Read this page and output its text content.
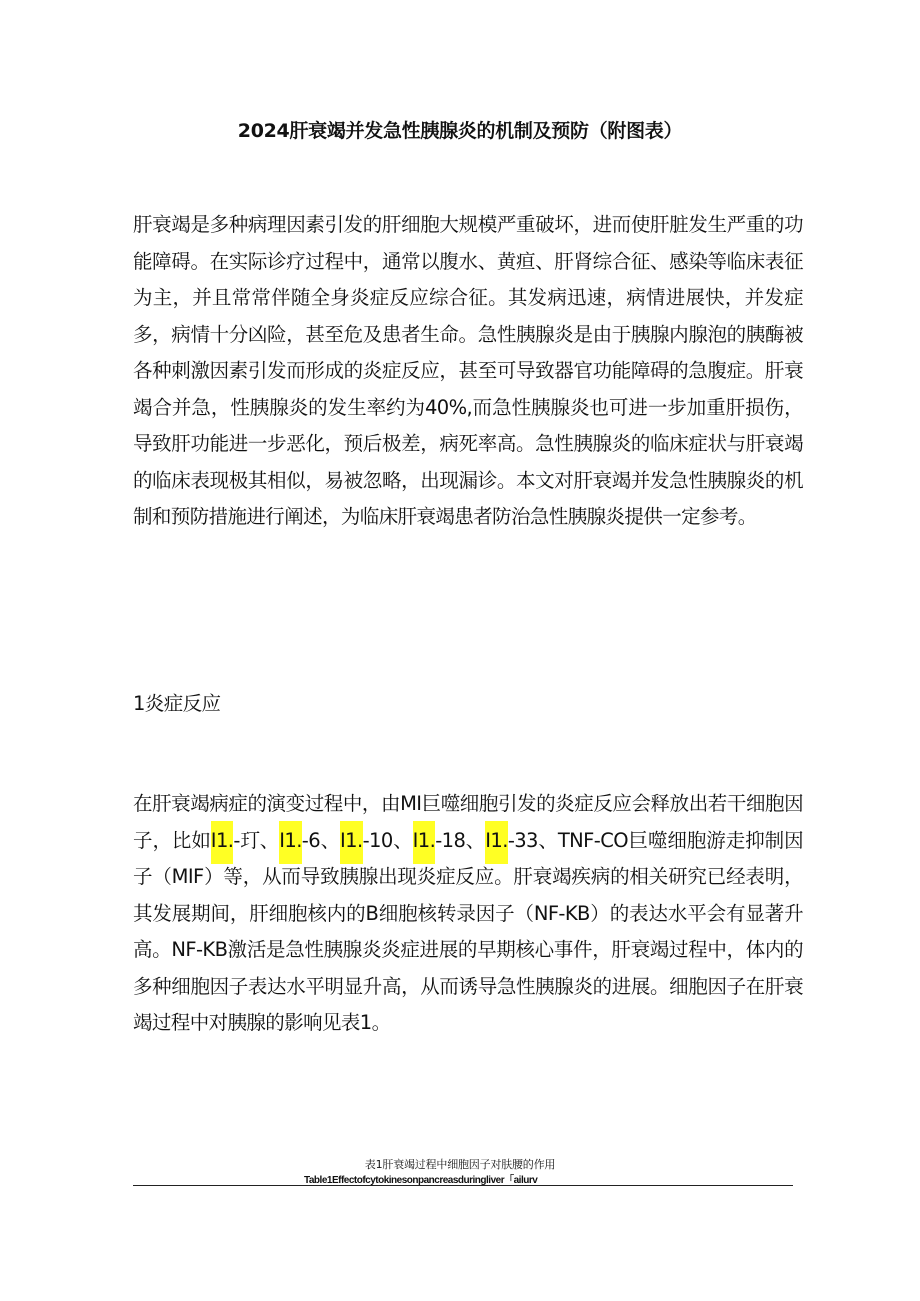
2024肝衰竭并发急性胰腺炎的机制及预防（附图表）

肝衰竭是多种病理因素引发的肝细胞大规模严重破坏，进而使肝脏发生严重的功能障碍。在实际诊疗过程中，通常以腹水、黄疸、肝肾综合征、感染等临床表征为主，并且常常伴随全身炎症反应综合征。其发病迅速，病情进展快，并发症多，病情十分凶险，甚至危及患者生命。急性胰腺炎是由于胰腺内腺泡的胰酶被各种刺激因素引发而形成的炎症反应，甚至可导致器官功能障碍的急腹症。肝衰竭合并急，性胰腺炎的发生率约为40%,而急性胰腺炎也可进一步加重肝损伤，导致肝功能进一步恶化，预后极差，病死率高。急性胰腺炎的临床症状与肝衰竭的临床表现极其相似，易被忽略，出现漏诊。本文对肝衰竭并发急性胰腺炎的机制和预防措施进行阐述，为临床肝衰竭患者防治急性胰腺炎提供一定参考。

1炎症反应

在肝衰竭病症的演变过程中，由MI巨噬细胞引发的炎症反应会释放出若干细胞因子，比如I1.-玎、I1.-6、I1.-10、I1.-18、I1.-33、TNF-CO巨噬细胞游走抑制因子（MIF）等，从而导致胰腺出现炎症反应。肝衰竭疾病的相关研究已经表明，其发展期间，肝细胞核内的B细胞核转录因子（NF-KB）的表达水平会有显著升高。NF-KB激活是急性胰腺炎炎症进展的早期核心事件，肝衰竭过程中，体内的多种细胞因子表达水平明显升高，从而诱导急性胰腺炎的进展。细胞因子在肝衰竭过程中对胰腺的影响见表1。

表1肝衰竭过程中细胞因子对肤腰的作用

Table1Effectofcytokinesonpancreasduringliver「ailurv
